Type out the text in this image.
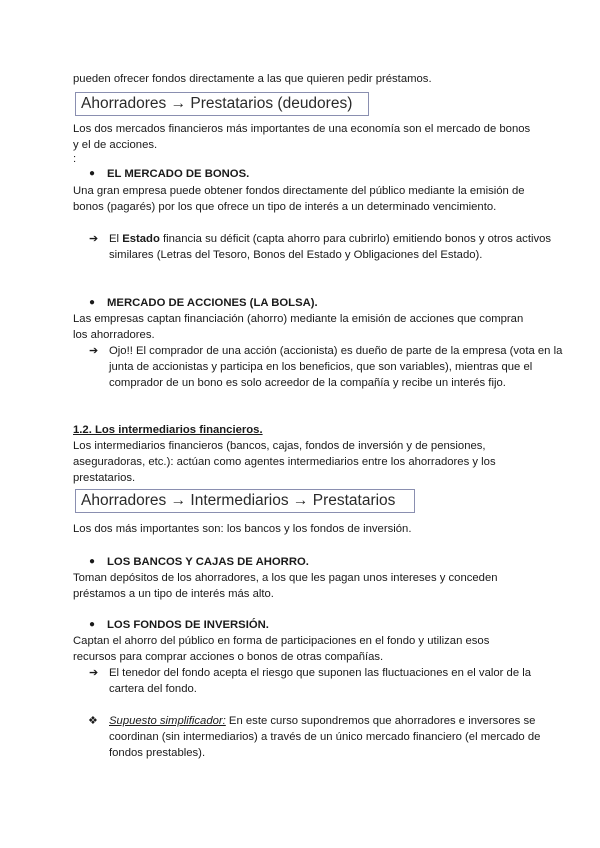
pueden ofrecer fondos directamente a las que quieren pedir préstamos.

Ahorradores → Prestatarios (deudores)

Los dos mercados financieros más importantes de una economía son el mercado de bonos y el de acciones.

:

● EL MERCADO DE BONOS.

Una gran empresa puede obtener fondos directamente del público mediante la emisión de bonos (pagarés) por los que ofrece un tipo de interés a un determinado vencimiento.

➔ El Estado financia su déficit (capta ahorro para cubrirlo) emitiendo bonos y otros activos similares (Letras del Tesoro, Bonos del Estado y Obligaciones del Estado).

● MERCADO DE ACCIONES (LA BOLSA).

Las empresas captan financiación (ahorro) mediante la emisión de acciones que compran los ahorradores.

➔ Ojo!! El comprador de una acción (accionista) es dueño de parte de la empresa (vota en la junta de accionistas y participa en los beneficios, que son variables), mientras que el comprador de un bono es solo acreedor de la compañía y recibe un interés fijo.

1.2. Los intermediarios financieros.

Los intermediarios financieros (bancos, cajas, fondos de inversión y de pensiones, aseguradoras, etc.): actúan como agentes intermediarios entre los ahorradores y los prestatarios.

Ahorradores → Intermediarios → Prestatarios

Los dos más importantes son: los bancos y los fondos de inversión.

● LOS BANCOS Y CAJAS DE AHORRO.

Toman depósitos de los ahorradores, a los que les pagan unos intereses y conceden préstamos a un tipo de interés más alto.

● LOS FONDOS DE INVERSIÓN.

Captan el ahorro del público en forma de participaciones en el fondo y utilizan esos recursos para comprar acciones o bonos de otras compañías.

➔ El tenedor del fondo acepta el riesgo que suponen las fluctuaciones en el valor de la cartera del fondo.

❖ Supuesto simplificador: En este curso supondremos que ahorradores e inversores se coordinan (sin intermediarios) a través de un único mercado financiero (el mercado de fondos prestables).
